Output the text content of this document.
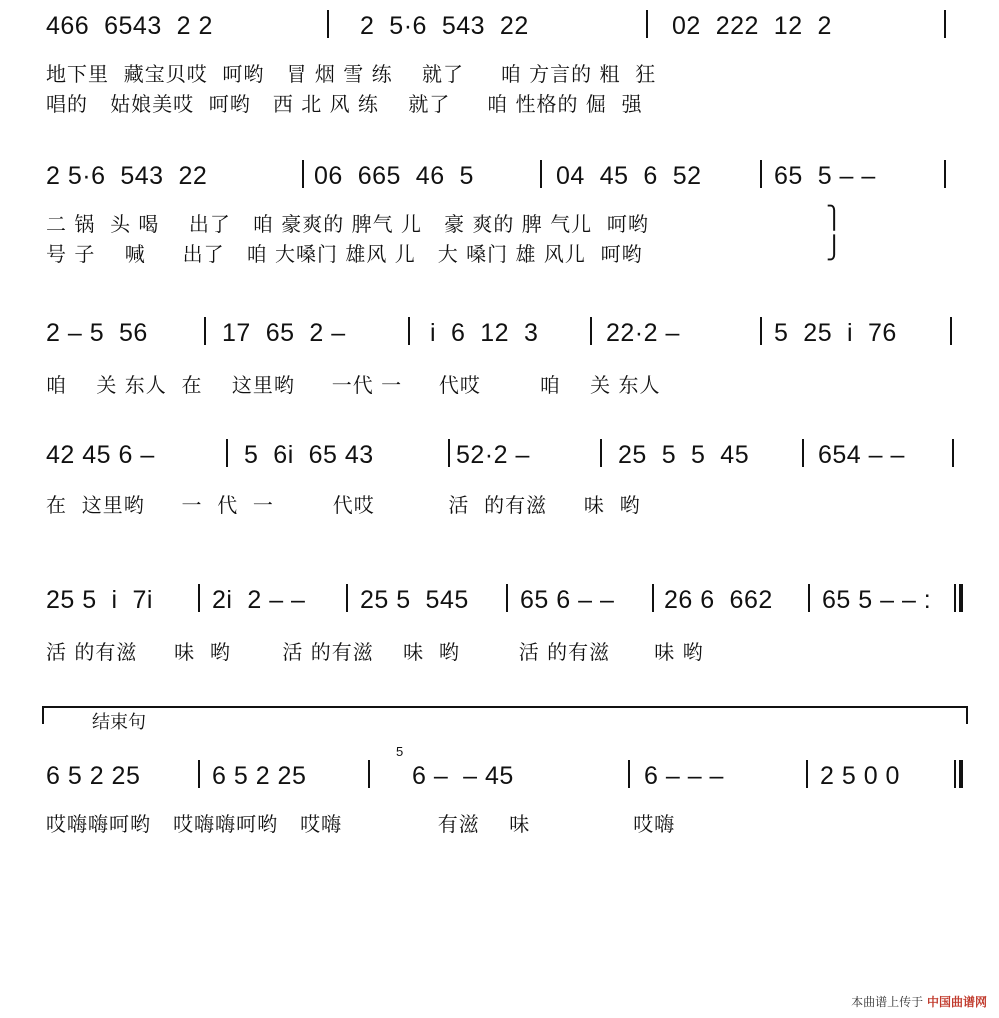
466  6543  2 2	2  5·6  543  22	02  222  12  2
地下里  藏宝贝哎  呵哟   冒 烟 雪 练    就了     咱 方言的 粗  狂
唱的   姑娘美哎  呵哟   西 北 风 练    就了     咱 性格的 倔  强
2 5·6  543  22	06  665  46  5	04  45  6  52	65  5 – –
二 锅  头 喝    出了   咱 豪爽的 脾气 儿   豪 爽的 脾 气儿  呵哟
号 子    喊     出了   咱 大嗓门 雄风 儿   大 嗓门 雄 风儿  呵哟
⎫
⎭
2 – 5  56	17  65  2 –	i  6  12  3	22·2 –	5  25  i  76
咱    关 东人  在    这里哟     一代 一     代哎        咱    关 东人
42 45 6 –	5  6i  65 43	52·2 –	25  5  5  45	654 – –
在  这里哟     一  代  一        代哎          活  的有滋     味  哟
25 5  i  7i 2i  2 – – 25 5  545 65 6 – – 26 6  662 65 5 – – :
活 的有滋     味  哟       活 的有滋    味  哟        活 的有滋      味 哟
结束句
6 5 2 25	6 5 2 25
5
6 –  – 45	6 – – –	2 5 0 0
哎嗨嗨呵哟   哎嗨嗨呵哟   哎嗨             有滋    味              哎嗨
本曲谱上传于 中国曲谱网
